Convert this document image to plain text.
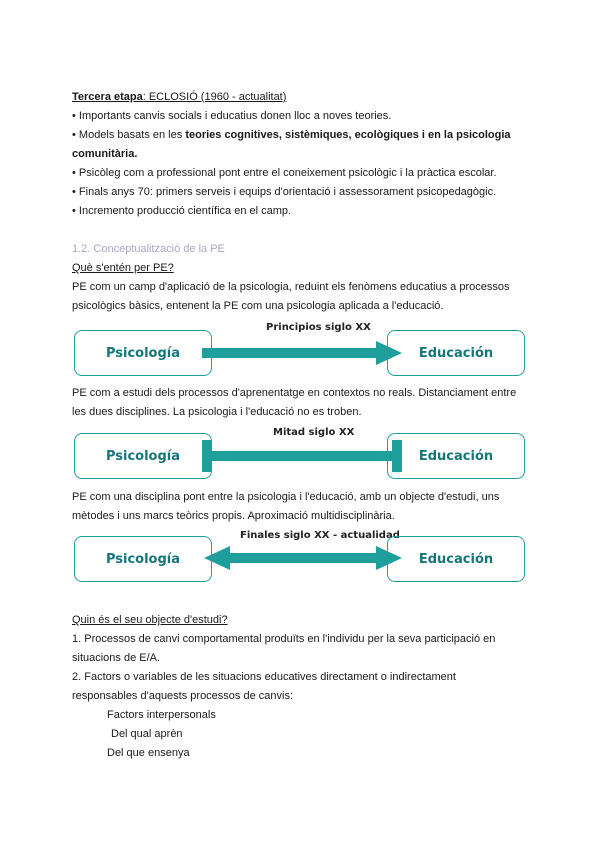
Tercera etapa: ECLOSIÓ (1960 - actualitat)
• Importants canvis socials i educatius donen lloc a noves teories.
• Models basats en les teories cognitives, sistèmiques, ecològiques i en la psicologia
comunitària.
• Psicòleg com a professional pont entre el coneixement psicològic i la pràctica escolar.
• Finals anys 70: primers serveis i equips d'orientació i assessorament psicopedagògic.
• Incremento producció científica en el camp.
1.2. Conceptualització de la PE
Què s'entén per PE?
PE com un camp d'aplicació de la psicologia, reduint els fenòmens educatius a processos
psicològics bàsics, entenent la PE com una psicologia aplicada a l'educació.
Principios siglo XX
Psicología	Educación
PE com a estudi dels processos d'aprenentatge en contextos no reals. Distanciament entre
les dues disciplines. La psicologia i l'educació no es troben.
Mitad siglo XX
Psicología	Educación
PE com una disciplina pont entre la psicologia i l'educació, amb un objecte d'estudi, uns
mètodes i uns marcs teòrics propis. Aproximació multidisciplinària.
Finales siglo XX - actualidad
Psicología	Educación
Quin és el seu objecte d'estudi?
1. Processos de canvi comportamental produïts en l'individu per la seva participació en
situacions de E/A.
2. Factors o variables de les situacions educatives directament o indirectament
responsables d'aquests processos de canvis:
Factors interpersonals
Del qual aprèn
Del que ensenya
